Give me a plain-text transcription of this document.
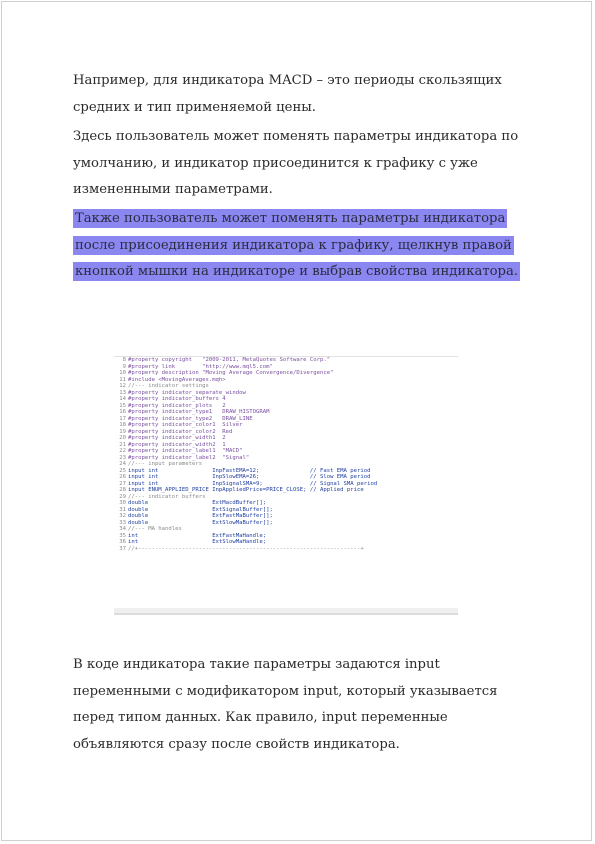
Например, для индикатора MACD – это периоды скользящих средних и тип применяемой цены.

Здесь пользователь может поменять параметры индикатора по умолчанию, и индикатор присоединится к графику с уже измененными параметрами.

Также пользователь может поменять параметры индикатора после присоединения индикатора к графику, щелкнув правой кнопкой мышки на индикаторе и выбрав свойства индикатора.

8 #property copyright   "2009-2011, MetaQuotes Software Corp."
9 #property link        "http://www.mql5.com"
10 #property description "Moving Average Convergence/Divergence"
11 #include <MovingAverages.mqh>
12 //--- indicator settings
13 #property indicator_separate_window
14 #property indicator_buffers 4
15 #property indicator_plots   2
16 #property indicator_type1   DRAW_HISTOGRAM
17 #property indicator_type2   DRAW_LINE
18 #property indicator_color1  Silver
19 #property indicator_color2  Red
20 #property indicator_width1  2
21 #property indicator_width2  1
22 #property indicator_label1  "MACD"
23 #property indicator_label2  "Signal"
24 //--- input parameters
25 input int                InpFastEMA=12;               // Fast EMA period
26 input int                InpSlowEMA=26;               // Slow EMA period
27 input int                InpSignalSMA=9;              // Signal SMA period
28 input ENUM_APPLIED_PRICE InpAppliedPrice=PRICE_CLOSE; // Applied price
29 //--- indicator buffers
30 double                   ExtMacdBuffer[];
31 double                   ExtSignalBuffer[];
32 double                   ExtFastMaBuffer[];
33 double                   ExtSlowMaBuffer[];
34 //--- MA handles
35 int                      ExtFastMaHandle;
36 int                      ExtSlowMaHandle;
37 //+------------------------------------------------------------------+

В коде индикатора такие параметры задаются input переменными с модификатором input, который указывается перед типом данных. Как правило, input переменные объявляются сразу после свойств индикатора.
